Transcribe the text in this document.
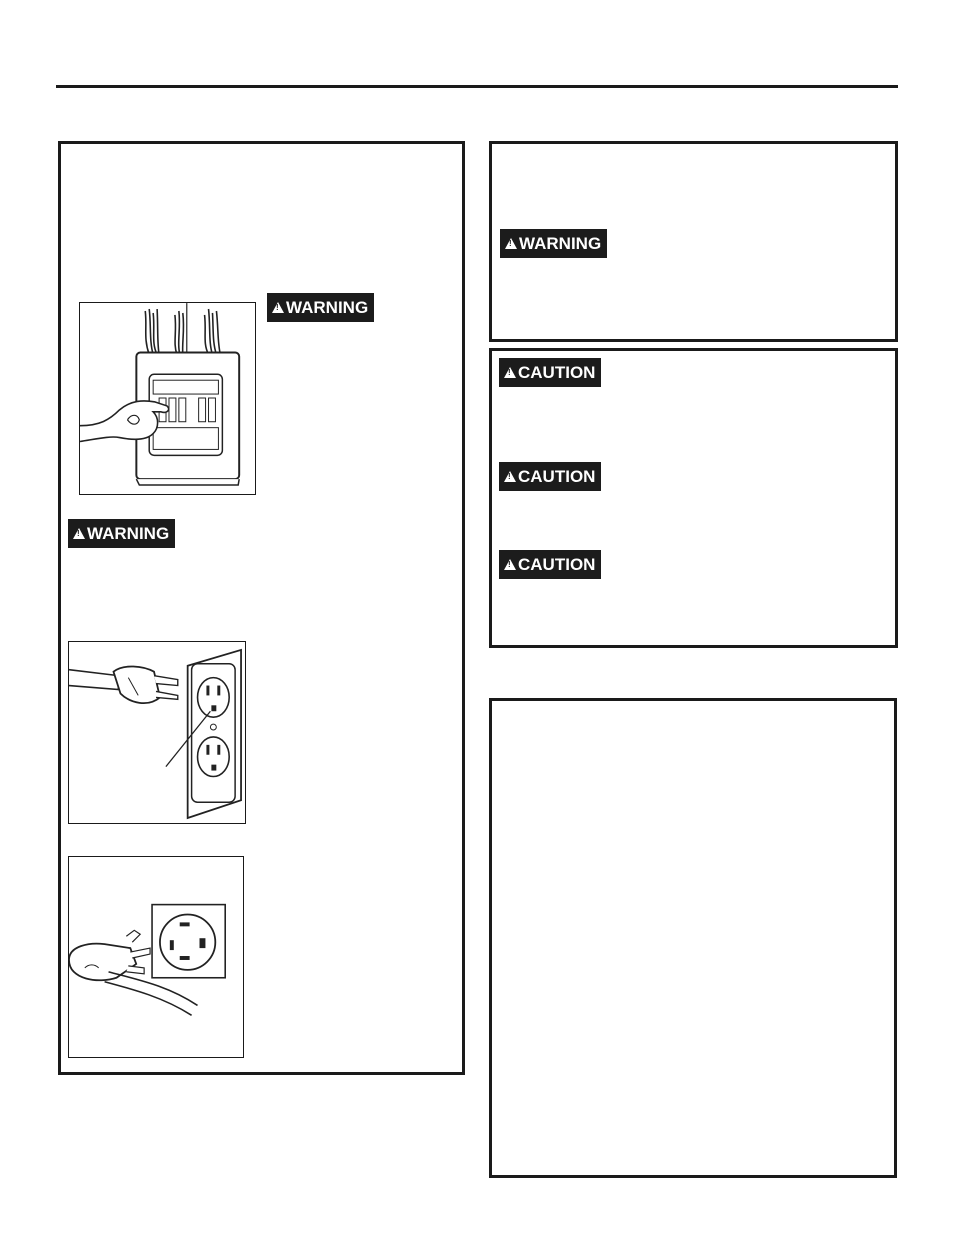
!WARNING
!WARNING
!WARNING
!CAUTION
!CAUTION
!CAUTION
